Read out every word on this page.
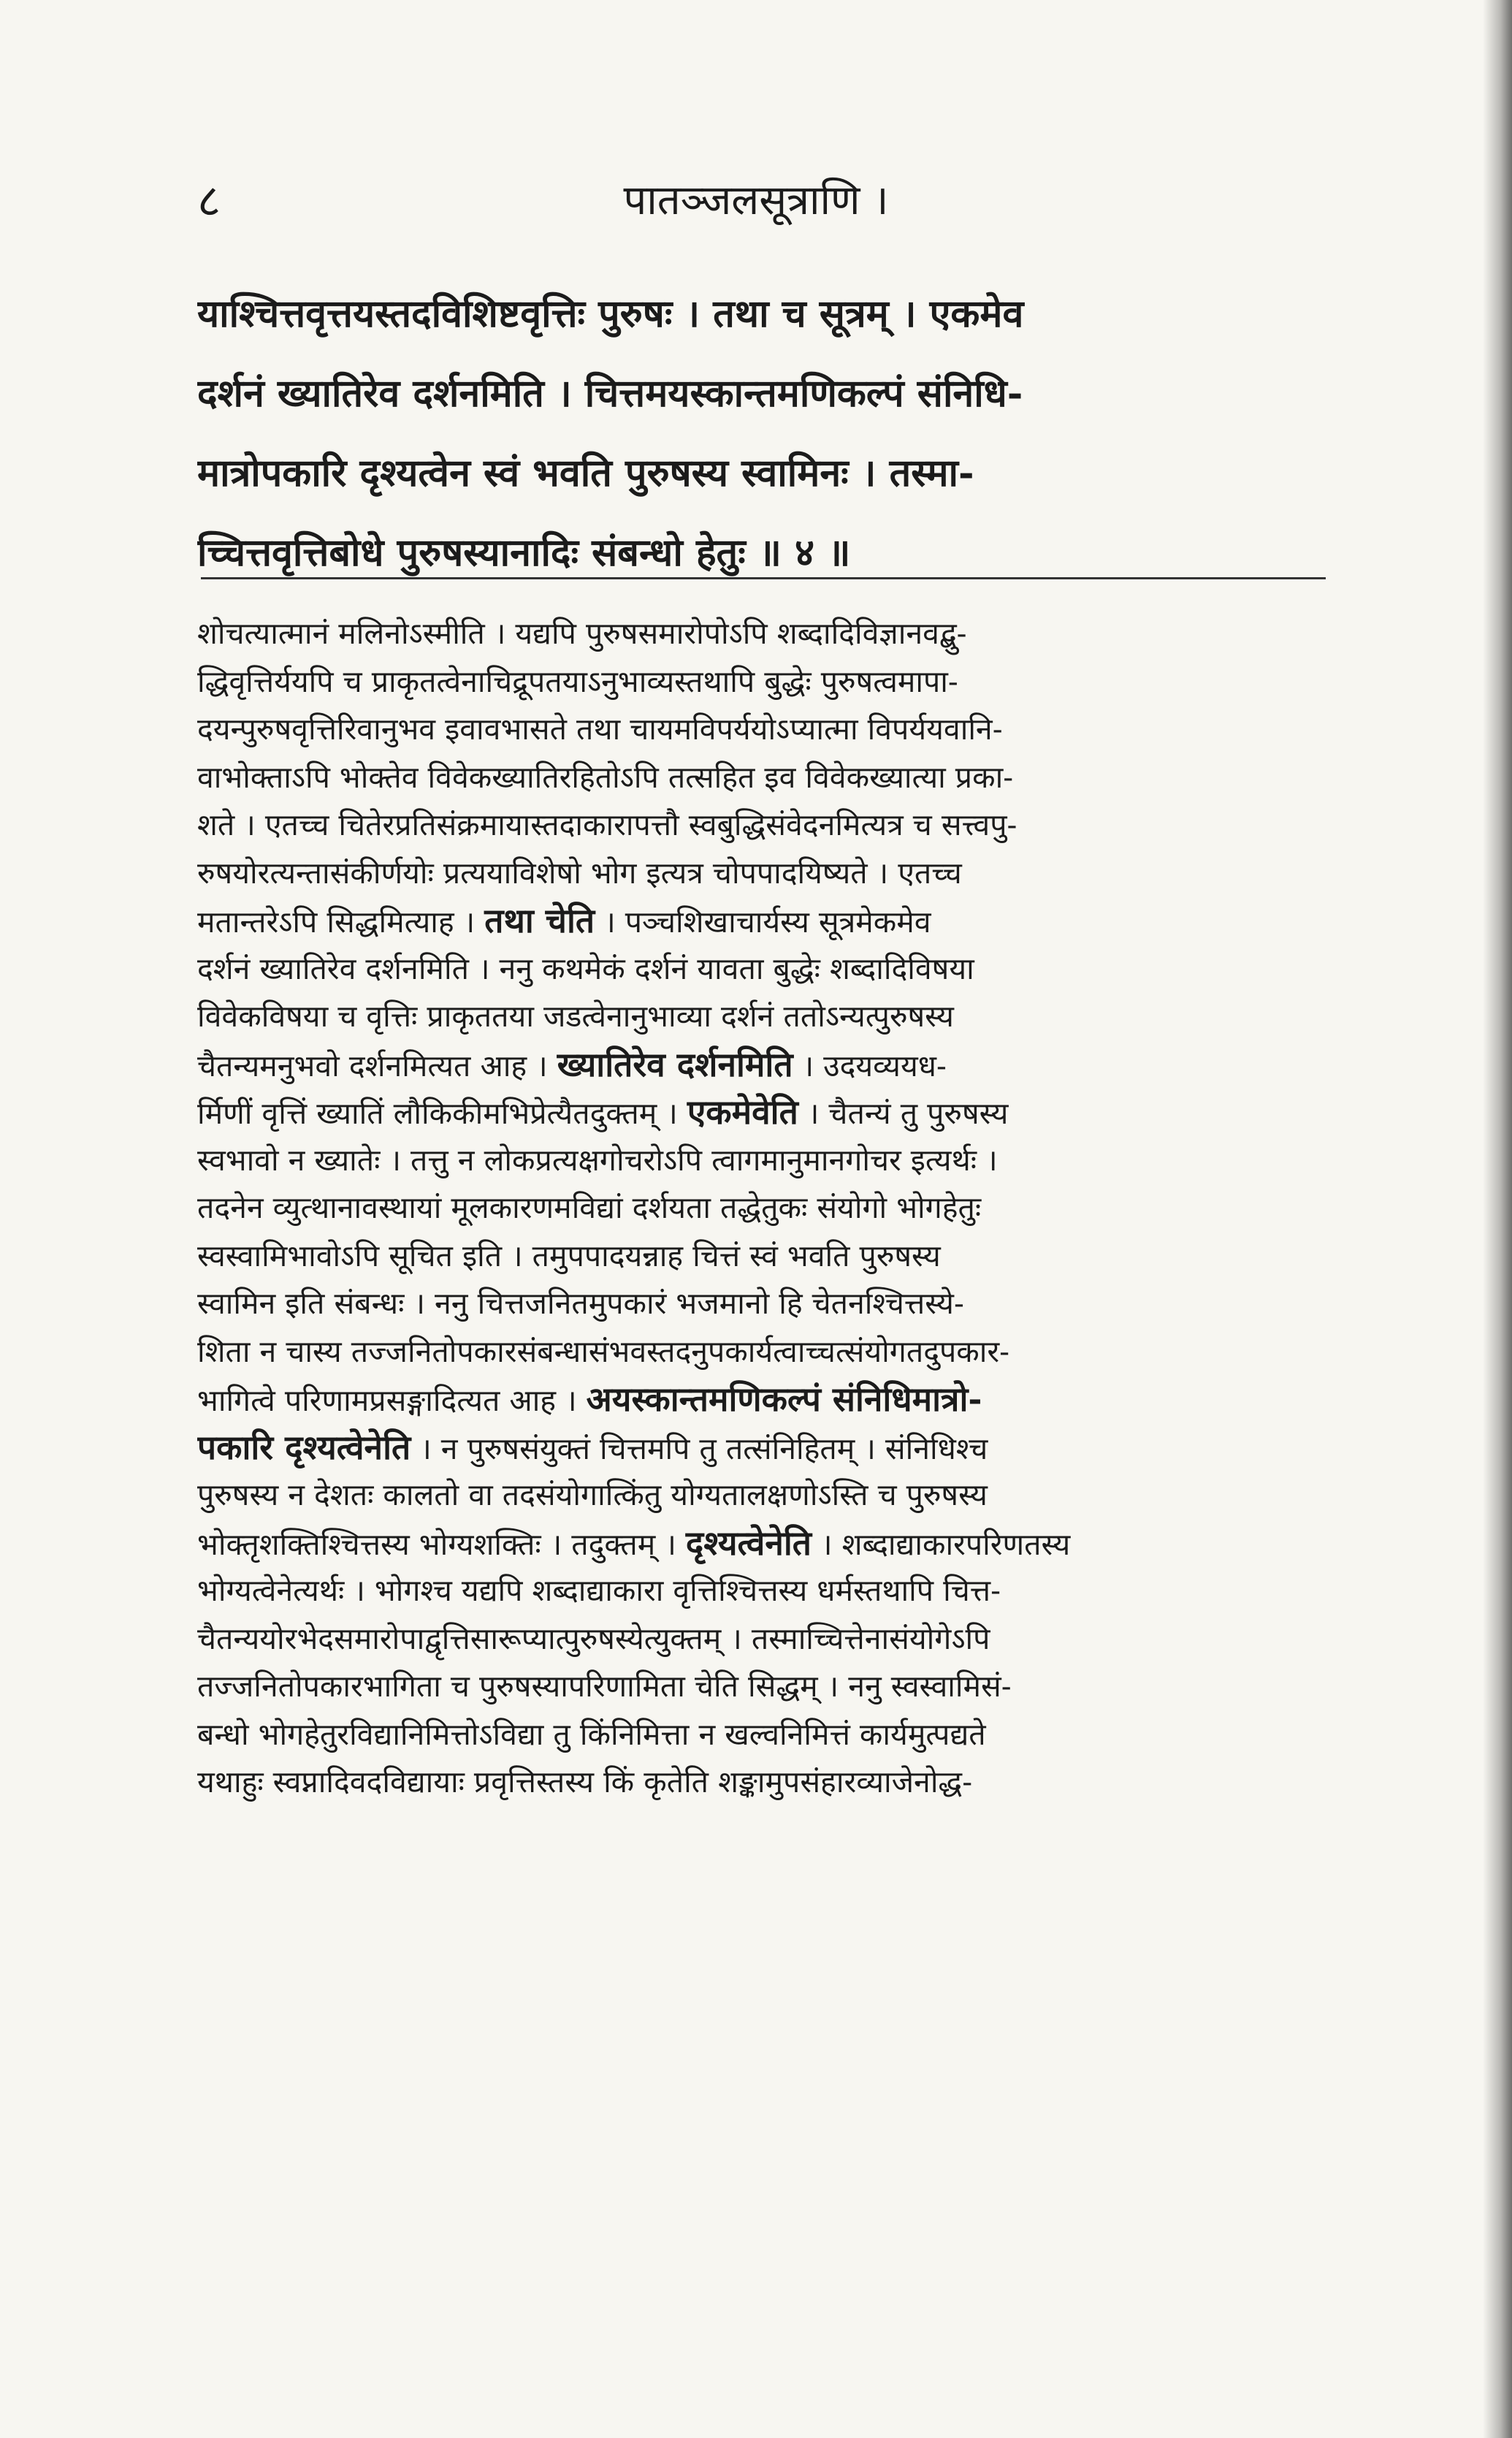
८	पातञ्जलसूत्राणि ।
याश्चित्तवृत्तयस्तदविशिष्टवृत्तिः पुरुषः । तथा च सूत्रम् । एकमेव
दर्शनं ख्यातिरेव दर्शनमिति । चित्तमयस्कान्तमणिकल्पं संनिधि-
मात्रोपकारि दृश्यत्वेन स्वं भवति पुरुषस्य स्वामिनः । तस्मा-
च्चित्तवृत्तिबोधे पुरुषस्यानादिः संबन्धो हेतुः ॥ ४ ॥
शोचत्यात्मानं मलिनोऽस्मीति । यद्यपि पुरुषसमारोपोऽपि शब्दादिविज्ञानवद्बु-
द्धिवृत्तिर्ययपि च प्राकृतत्वेनाचिद्रूपतयाऽनुभाव्यस्तथापि बुद्धेः पुरुषत्वमापा-
दयन्पुरुषवृत्तिरिवानुभव इवावभासते तथा चायमविपर्ययोऽप्यात्मा विपर्ययवानि-
वाभोक्ताऽपि भोक्तेव विवेकख्यातिरहितोऽपि तत्सहित इव विवेकख्यात्या प्रका-
शते । एतच्च चितेरप्रतिसंक्रमायास्तदाकारापत्तौ स्वबुद्धिसंवेदनमित्यत्र च सत्त्वपु-
रुषयोरत्यन्तासंकीर्णयोः प्रत्ययाविशेषो भोग इत्यत्र चोपपादयिष्यते । एतच्च
मतान्तरेऽपि सिद्धमित्याह । तथा चेति । पञ्चशिखाचार्यस्य सूत्रमेकमेव
दर्शनं ख्यातिरेव दर्शनमिति । ननु कथमेकं दर्शनं यावता बुद्धेः शब्दादिविषया
विवेकविषया च वृत्तिः प्राकृततया जडत्वेनानुभाव्या दर्शनं ततोऽन्यत्पुरुषस्य
चैतन्यमनुभवो दर्शनमित्यत आह । ख्यातिरेव दर्शनमिति । उदयव्ययध-
र्मिणीं वृत्तिं ख्यातिं लौकिकीमभिप्रेत्यैतदुक्तम् । एकमेवेति । चैतन्यं तु पुरुषस्य
स्वभावो न ख्यातेः । तत्तु न लोकप्रत्यक्षगोचरोऽपि त्वागमानुमानगोचर इत्यर्थः ।
तदनेन व्युत्थानावस्थायां मूलकारणमविद्यां दर्शयता तद्धेतुकः संयोगो भोगहेतुः
स्वस्वामिभावोऽपि सूचित इति । तमुपपादयन्नाह चित्तं स्वं भवति पुरुषस्य
स्वामिन इति संबन्धः । ननु चित्तजनितमुपकारं भजमानो हि चेतनश्चित्तस्ये-
शिता न चास्य तज्जनितोपकारसंबन्धासंभवस्तदनुपकार्यत्वाच्चत्संयोगतदुपकार-
भागित्वे परिणामप्रसङ्गादित्यत आह । अयस्कान्तमणिकल्पं संनिधिमात्रो-
पकारि दृश्यत्वेनेति । न पुरुषसंयुक्तं चित्तमपि तु तत्संनिहितम् । संनिधिश्च
पुरुषस्य न देशतः कालतो वा तदसंयोगात्किंतु योग्यतालक्षणोऽस्ति च पुरुषस्य
भोक्तृशक्तिश्चित्तस्य भोग्यशक्तिः । तदुक्तम् । दृश्यत्वेनेति । शब्दाद्याकारपरिणतस्य
भोग्यत्वेनेत्यर्थः । भोगश्च यद्यपि शब्दाद्याकारा वृत्तिश्चित्तस्य धर्मस्तथापि चित्त-
चैतन्ययोरभेदसमारोपाद्वृत्तिसारूप्यात्पुरुषस्येत्युक्तम् । तस्माच्चित्तेनासंयोगेऽपि
तज्जनितोपकारभागिता च पुरुषस्यापरिणामिता चेति सिद्धम् । ननु स्वस्वामिसं-
बन्धो भोगहेतुरविद्यानिमित्तोऽविद्या तु किंनिमित्ता न खल्वनिमित्तं कार्यमुत्पद्यते
यथाहुः स्वप्नादिवदविद्यायाः प्रवृत्तिस्तस्य किं कृतेति शङ्कामुपसंहारव्याजेनोद्ध-
